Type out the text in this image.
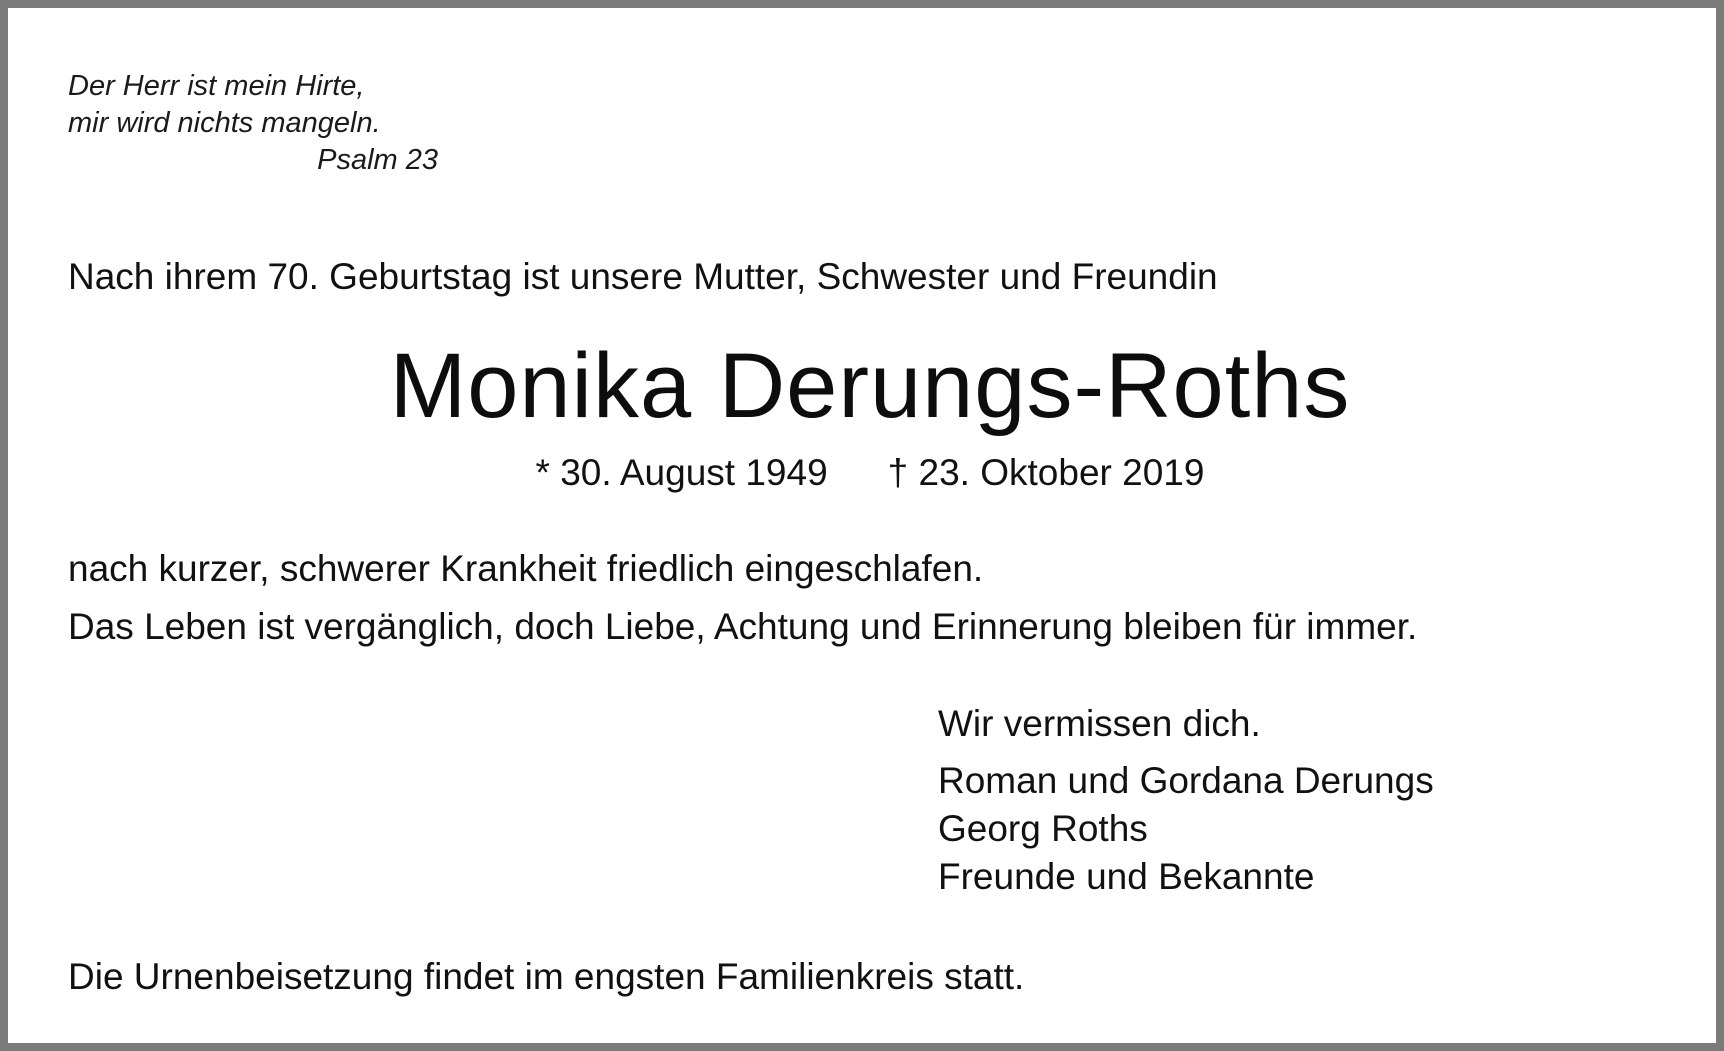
Der Herr ist mein Hirte,
mir wird nichts mangeln.
Psalm 23
Nach ihrem 70. Geburtstag ist unsere Mutter, Schwester und Freundin
Monika Derungs-Roths
* 30. August 1949 † 23. Oktober 2019
nach kurzer, schwerer Krankheit friedlich eingeschlafen.
Das Leben ist vergänglich, doch Liebe, Achtung und Erinnerung bleiben für immer.
Wir vermissen dich.
Roman und Gordana Derungs
Georg Roths
Freunde und Bekannte
Die Urnenbeisetzung findet im engsten Familienkreis statt.
